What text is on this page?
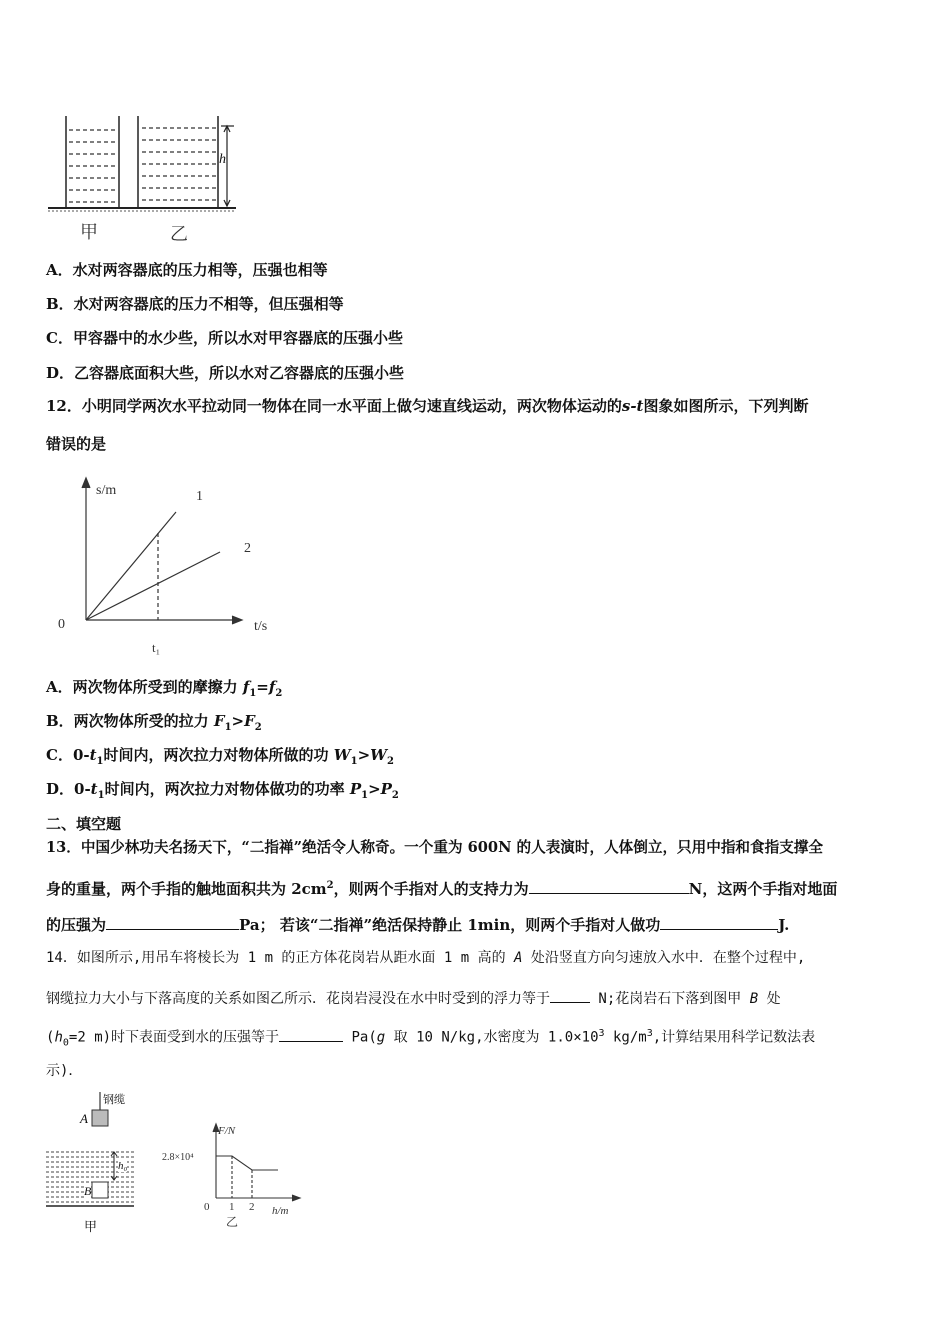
h
甲	乙
A．水对两容器底的压力相等，压强也相等
B．水对两容器底的压力不相等，但压强相等
C．甲容器中的水少些，所以水对甲容器底的压强小些
D．乙容器底面积大些，所以水对乙容器底的压强小些
12．小明同学两次水平拉动同一物体在同一水平面上做匀速直线运动，两次物体运动的s-t图象如图所示，下列判断
错误的是
s/m
t/s
0
t₁
1
2
A．两次物体所受到的摩擦力 $f_1=f_2$
B．两次物体所受的拉力 $F_1>F_2$
C．$0-t_1$时间内，两次拉力对物体所做的功 $W_1>W_2$
D．$0-t_1$时间内，两次拉力对物体做功的功率 $P_1>P_2$
二、填空题
13．中国少林功夫名扬天下，“二指禅”绝活令人称奇。一个重为 600N 的人表演时，人体倒立，只用中指和食指支撑全
身的重量，两个手指的触地面积共为 $2cm^2$，则两个手指对人的支持力为	N，这两个手指对地面
的压强为	Pa； 若该“二指禅”绝活保持静止 1min，则两个手指对人做功	J.
14．如图所示,用吊车将棱长为 1 m 的正方体花岗岩从距水面 1 m 高的 A 处沿竖直方向匀速放入水中．在整个过程中,
钢缆拉力大小与下落高度的关系如图乙所示．花岗岩浸没在水中时受到的浮力等于	N;花岗岩石下落到图甲 B 处
($h_0=2$ m)时下表面受到水的压强等于	Pa(g 取 10 N/kg,水密度为 $1.0\times 10^3$ $kg/m^3$,计算结果用科学记数法表
示)．
钢缆
A
B
h₀
甲
F/N
2.8×10⁴
0 1 2 h/m
乙
